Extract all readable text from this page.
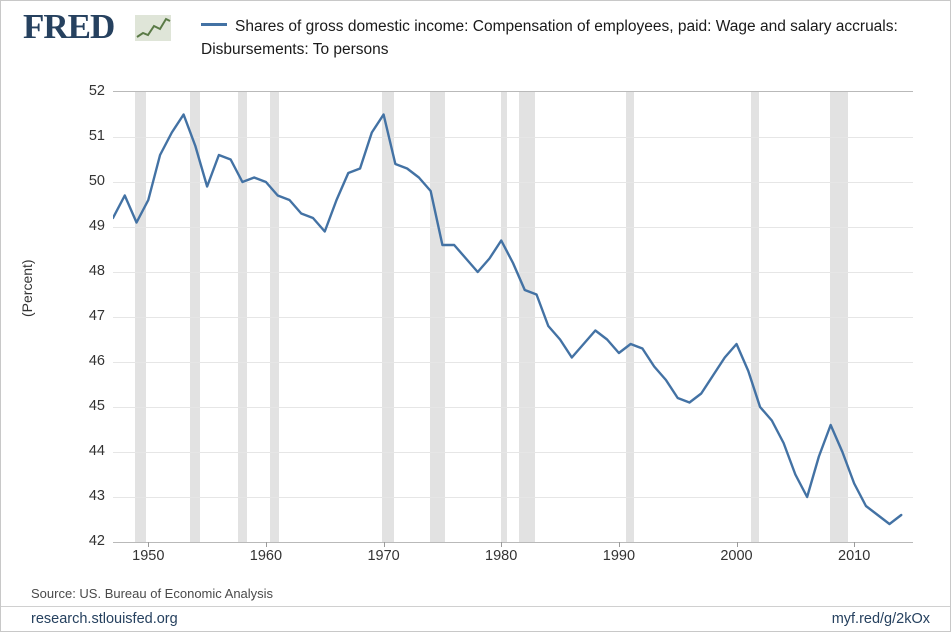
FRED	Shares of gross domestic income: Compensation of employees, paid: Wage and salary accruals: Disbursements: To persons
(Percent)
42
43
44
45
46
47
48
49
50
51
52
1950	1960	1970	1980	1990	2000	2010
Source: US. Bureau of Economic Analysis
research.stlouisfed.org	myf.red/g/2kOx
